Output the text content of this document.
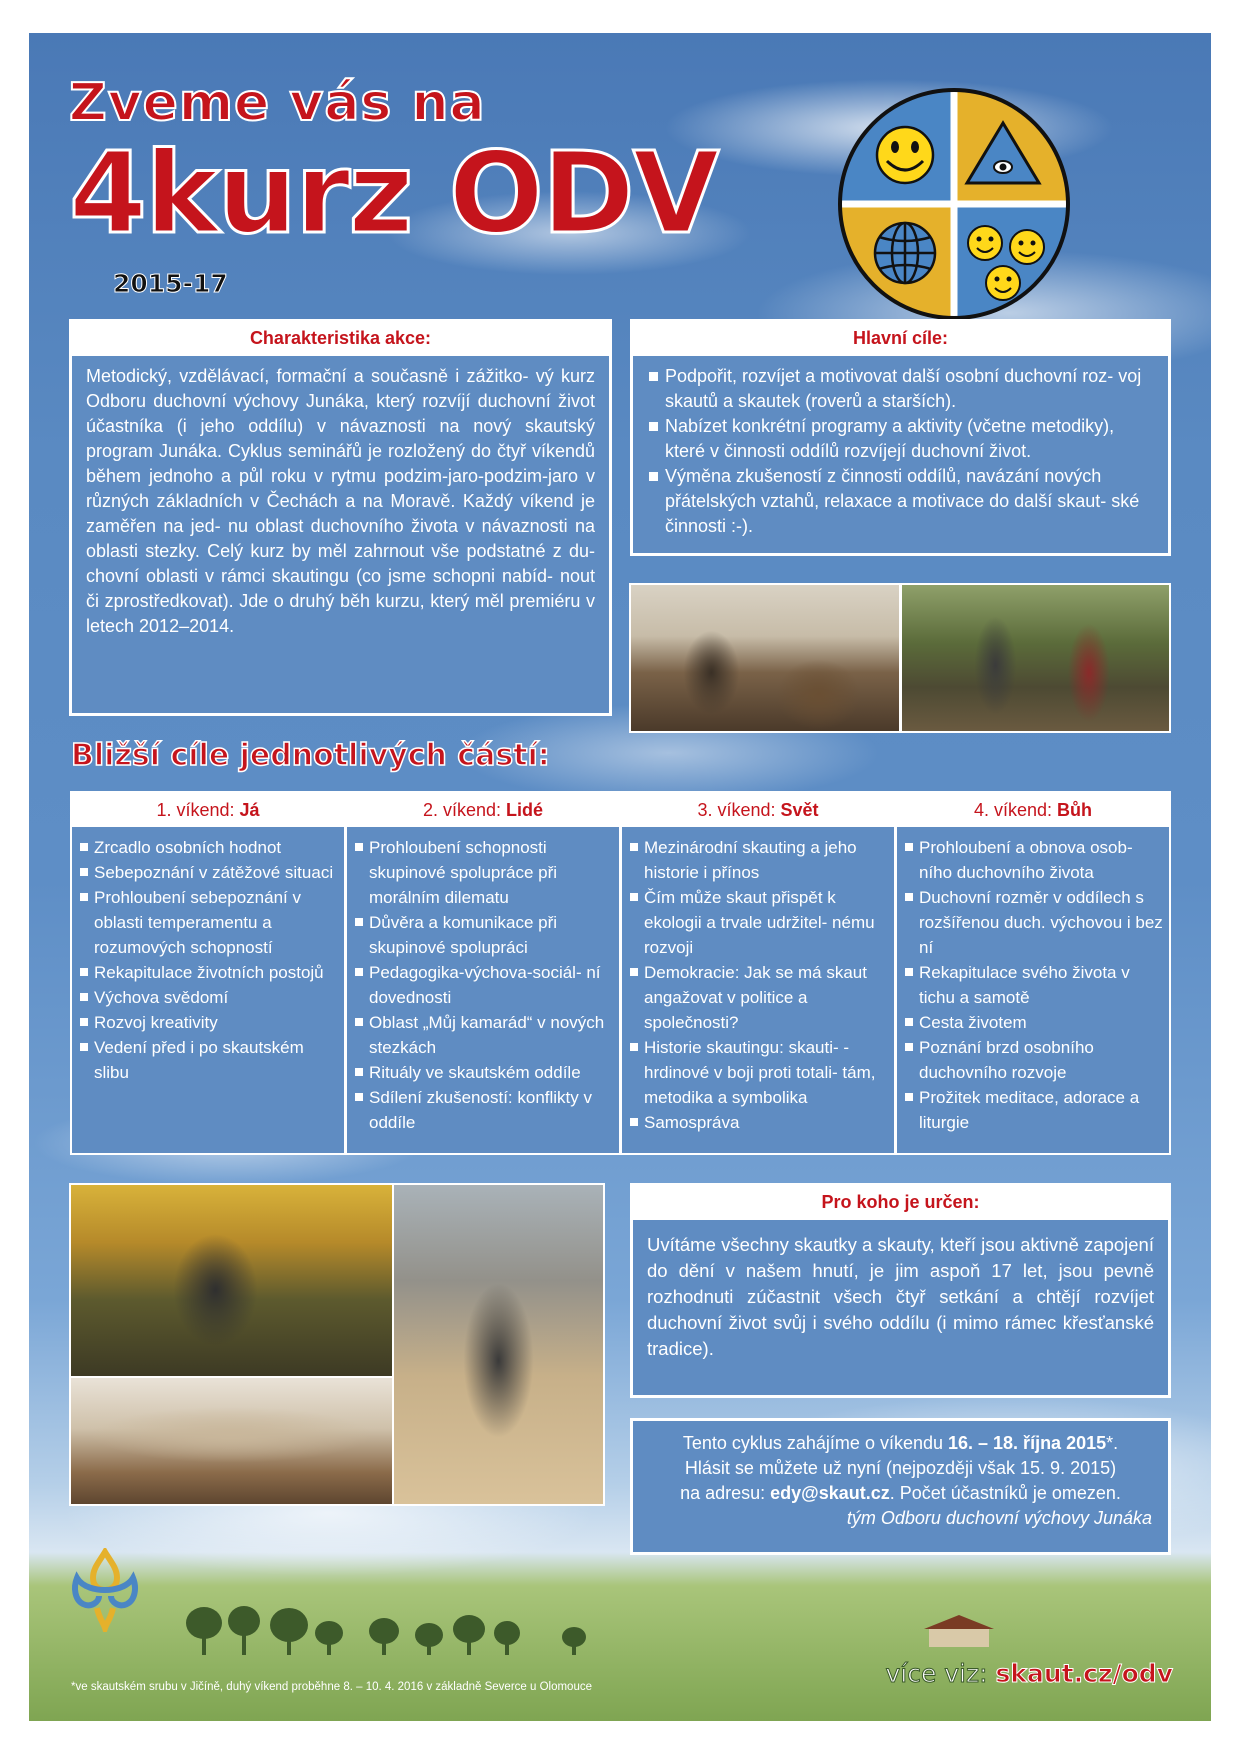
Zveme vás na
4kurz ODV
2015-17
Charakteristika akce:
Metodický, vzdělávací, formační a současně i zážitko- vý kurz Odboru duchovní výchovy Junáka, který rozvíjí duchovní život účastníka (i jeho oddílu) v návaznosti na nový skautský program Junáka. Cyklus seminářů je rozložený do čtyř víkendů během jednoho a půl roku v rytmu podzim-jaro-podzim-jaro v různých základních v Čechách a na Moravě. Každý víkend je zaměřen na jed- nu oblast duchovního života v návaznosti na oblasti stezky. Celý kurz by měl zahrnout vše podstatné z du- chovní oblasti v rámci skautingu (co jsme schopni nabíd- nout či zprostředkovat). Jde o druhý běh kurzu, který měl premiéru v letech 2012–2014.
Hlavní cíle:
Podpořit, rozvíjet a motivovat další osobní duchovní roz- voj skautů a skautek (roverů a starších).
Nabízet konkrétní programy a aktivity (včetne metodiky), které v činnosti oddílů rozvíjejí duchovní život.
Výměna zkušeností z činnosti oddílů, navázání nových přátelských vztahů, relaxace a motivace do další skaut- ské činnosti :-).
Bližší cíle jednotlivých částí:
1. víkend: Já
Zrcadlo osobních hodnot
Sebepoznání v zátěžové situaci
Prohloubení sebepoznání v oblasti temperamentu a rozumových schopností
Rekapitulace životních postojů
Výchova svědomí
Rozvoj kreativity
Vedení před i po skautském slibu
2. víkend: Lidé
Prohloubení schopnosti skupinové spolupráce při morálním dilematu
Důvěra a komunikace při skupinové spolupráci
Pedagogika-výchova-sociál- ní dovednosti
Oblast „Můj kamarád“ v nových stezkách
Rituály ve skautském oddíle
Sdílení zkušeností: konflikty v oddíle
3. víkend: Svět
Mezinárodní skauting a jeho historie i přínos
Čím může skaut přispět k ekologii a trvale udržitel- nému rozvoji
Demokracie: Jak se má skaut angažovat v politice a společnosti?
Historie skautingu: skauti- -hrdinové v boji proti totali- tám, metodika a symbolika
Samospráva
4. víkend: Bůh
Prohloubení a obnova osob- ního duchovního života
Duchovní rozměr v oddílech s rozšířenou duch. výchovou i bez ní
Rekapitulace svého života v tichu a samotě
Cesta životem
Poznání brzd osobního duchovního rozvoje
Prožitek meditace, adorace a liturgie
Pro koho je určen:
Uvítáme všechny skautky a skauty, kteří jsou aktivně zapojení do dění v našem hnutí, je jim aspoň 17 let, jsou pevně rozhodnuti zúčastnit všech čtyř setkání a chtějí rozvíjet duchovní život svůj i svého oddílu (i mimo rámec křesťanské tradice).
Tento cyklus zahájíme o víkendu 16. – 18. října 2015*.
Hlásit se můžete už nyní (nejpozději však 15. 9. 2015)
na adresu: edy@skaut.cz. Počet účastníků je omezen.
tým Odboru duchovní výchovy Junáka
*ve skautském srubu v Jičíně, duhý víkend proběhne 8. – 10. 4. 2016 v základně Severce u Olomouce	více viz: skaut.cz/odv
